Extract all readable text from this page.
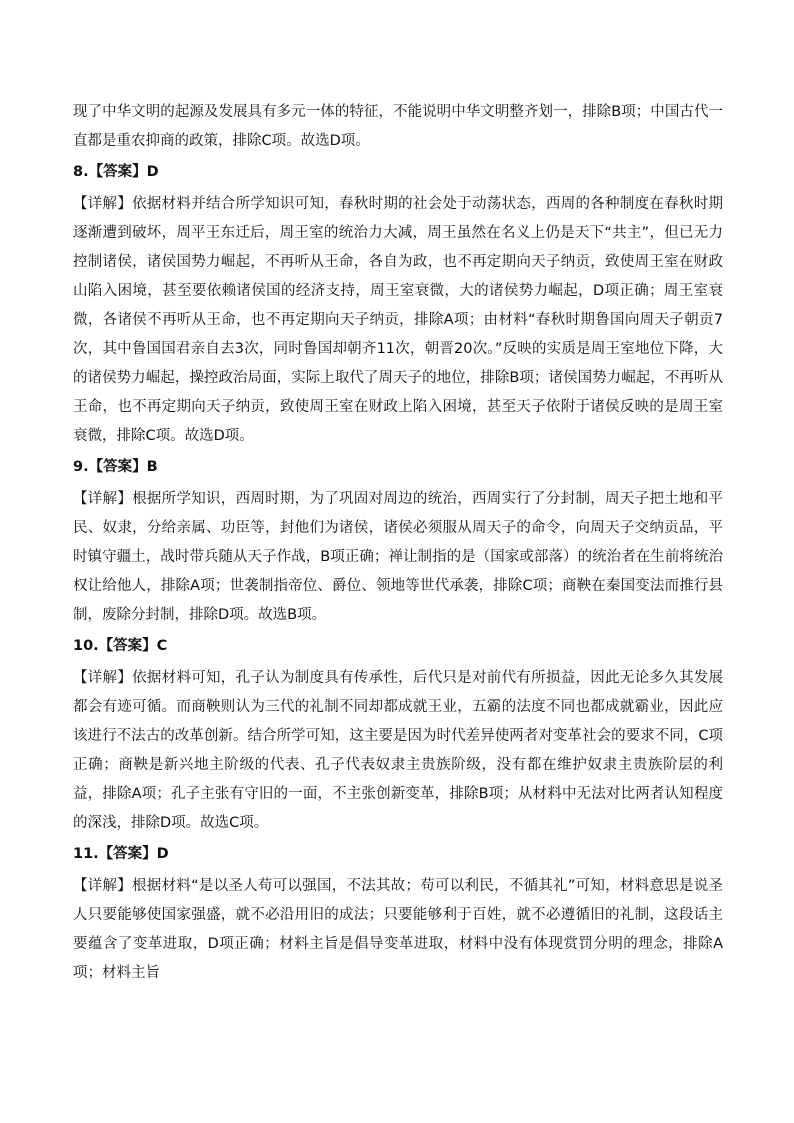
现了中华文明的起源及发展具有多元一体的特征，不能说明中华文明整齐划一，排除B项；中国古代一直都是重农抑商的政策，排除C项。故选D项。

8.【答案】D

【详解】依据材料并结合所学知识可知，春秋时期的社会处于动荡状态，西周的各种制度在春秋时期逐渐遭到破坏，周平王东迁后，周王室的统治力大减，周王虽然在名义上仍是天下“共主”，但已无力控制诸侯，诸侯国势力崛起，不再听从王命，各自为政，也不再定期向天子纳贡，致使周王室在财政山陷入困境，甚至要依赖诸侯国的经济支持，周王室衰微，大的诸侯势力崛起，D项正确；周王室衰微，各诸侯不再听从王命，也不再定期向天子纳贡，排除A项；由材料“春秋时期鲁国向周天子朝贡7次，其中鲁国国君亲自去3次，同时鲁国却朝齐11次，朝晋20次。”反映的实质是周王室地位下降，大的诸侯势力崛起，操控政治局面，实际上取代了周天子的地位，排除B项；诸侯国势力崛起，不再听从王命，也不再定期向天子纳贡，致使周王室在财政上陷入困境，甚至天子依附于诸侯反映的是周王室衰微，排除C项。故选D项。

9.【答案】B

【详解】根据所学知识，西周时期，为了巩固对周边的统治，西周实行了分封制，周天子把土地和平民、奴隶，分给亲属、功臣等，封他们为诸侯，诸侯必须服从周天子的命令，向周天子交纳贡品，平时镇守疆土，战时带兵随从天子作战，B项正确；禅让制指的是（国家或部落）的统治者在生前将统治权让给他人，排除A项；世袭制指帝位、爵位、领地等世代承袭，排除C项；商鞅在秦国变法而推行县制，废除分封制，排除D项。故选B项。

10.【答案】C

【详解】依据材料可知，孔子认为制度具有传承性，后代只是对前代有所损益，因此无论多久其发展都会有迹可循。而商鞅则认为三代的礼制不同却都成就王业，五霸的法度不同也都成就霸业，因此应该进行不法古的改革创新。结合所学可知，这主要是因为时代差异使两者对变革社会的要求不同，C项正确；商鞅是新兴地主阶级的代表、孔子代表奴隶主贵族阶级，没有都在维护奴隶主贵族阶层的利益，排除A项；孔子主张有守旧的一面，不主张创新变革，排除B项；从材料中无法对比两者认知程度的深浅，排除D项。故选C项。

11.【答案】D

【详解】根据材料“是以圣人苟可以强国，不法其故；苟可以利民，不循其礼”可知，材料意思是说圣人只要能够使国家强盛，就不必沿用旧的成法；只要能够利于百姓，就不必遵循旧的礼制，这段话主要蕴含了变革进取，D项正确；材料主旨是倡导变革进取，材料中没有体现赏罚分明的理念，排除A项；材料主旨
